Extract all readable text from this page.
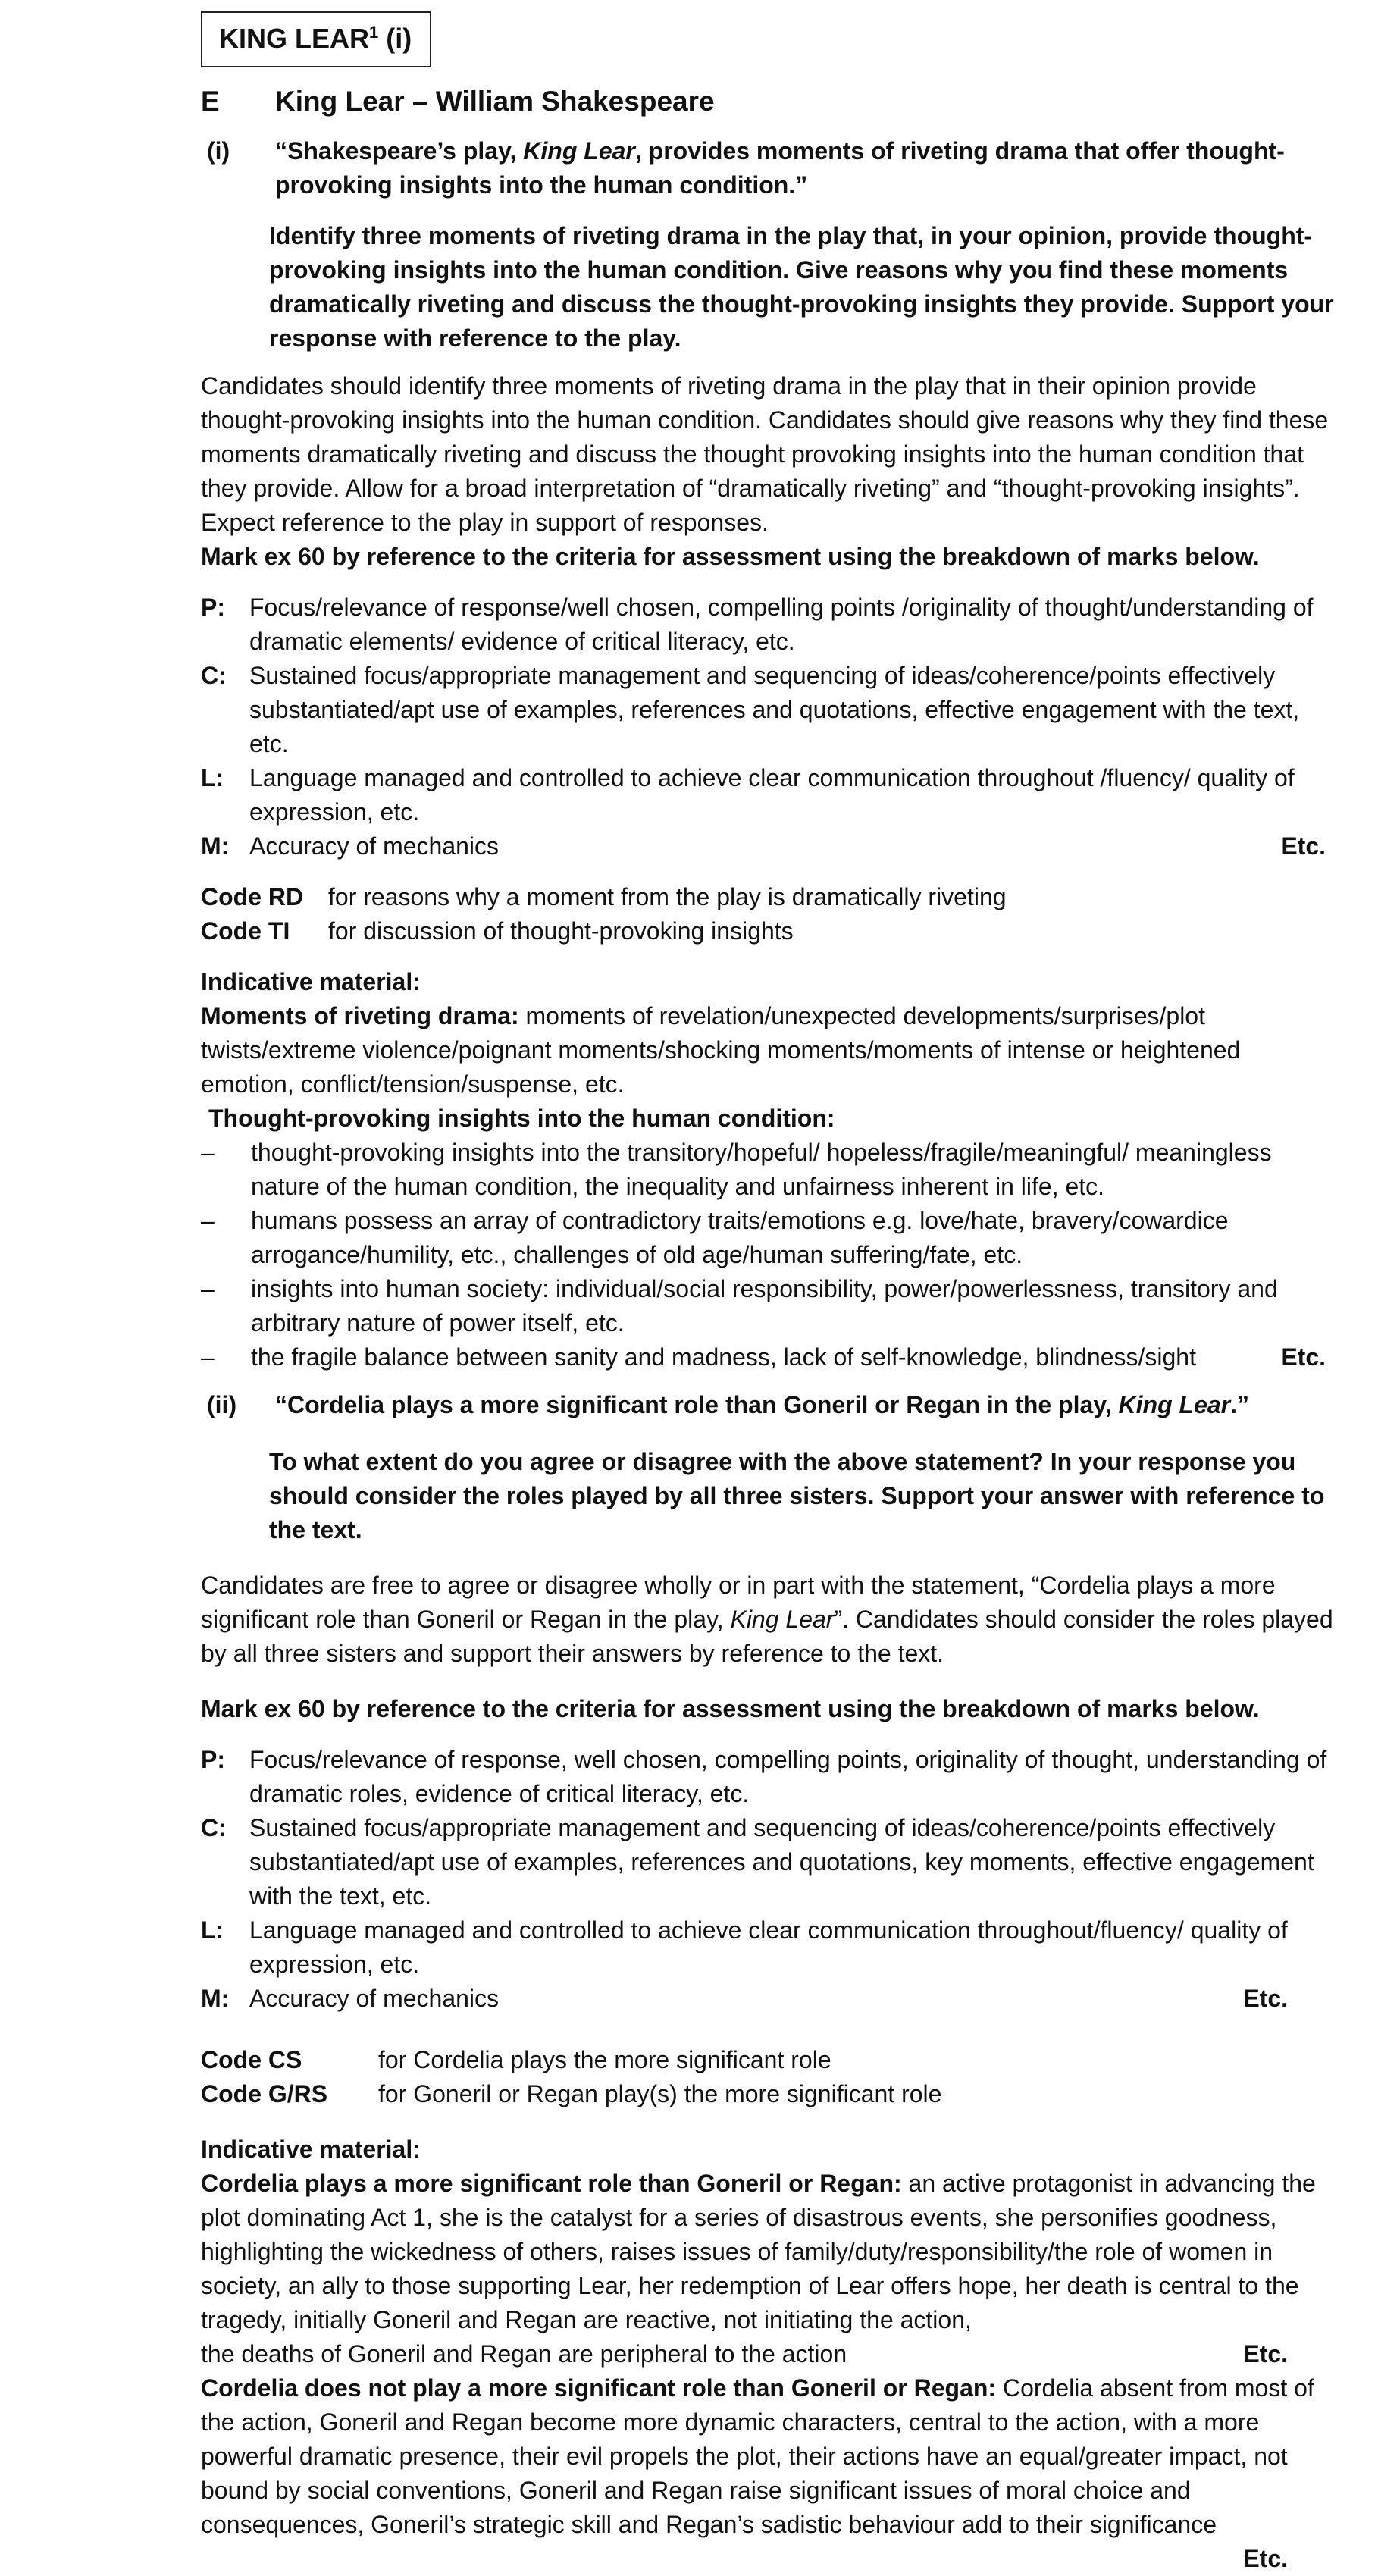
KING LEAR$^1$ (i)
E	King Lear – William Shakespeare
(i)	“Shakespeare’s play, King Lear, provides moments of riveting drama that offer thought-provoking insights into the human condition.”

Identify three moments of riveting drama in the play that, in your opinion, provide thought-provoking insights into the human condition. Give reasons why you find these moments dramatically riveting and discuss the thought-provoking insights they provide. Support your response with reference to the play.

Candidates should identify three moments of riveting drama in the play that in their opinion provide thought-provoking insights into the human condition. Candidates should give reasons why they find these moments dramatically riveting and discuss the thought provoking insights into the human condition that they provide. Allow for a broad interpretation of “dramatically riveting” and “thought-provoking insights”. Expect reference to the play in support of responses.

Mark ex 60 by reference to the criteria for assessment using the breakdown of marks below.

P:	Focus/relevance of response/well chosen, compelling points /originality of thought/understanding of dramatic elements/ evidence of critical literacy, etc.
C: Sustained focus/appropriate management and sequencing of ideas/coherence/points effectively substantiated/apt use of examples, references and quotations, effective engagement with the text, etc.
L:	Language managed and controlled to achieve clear communication throughout /fluency/ quality of expression, etc.
M: Accuracy of mechanics	Etc.
Code RD	for reasons why a moment from the play is dramatically riveting
Code TI	for discussion of thought-provoking insights

Indicative material:

Moments of riveting drama: moments of revelation/unexpected developments/surprises/plot twists/extreme violence/poignant moments/shocking moments/moments of intense or heightened emotion, conflict/tension/suspense, etc.

Thought-provoking insights into the human condition:

–	thought-provoking insights into the transitory/hopeful/ hopeless/fragile/meaningful/ meaningless nature of the human condition, the inequality and unfairness inherent in life, etc.
–	humans possess an array of contradictory traits/emotions e.g. love/hate, bravery/cowardice arrogance/humility, etc., challenges of old age/human suffering/fate, etc.
–	insights into human society: individual/social responsibility, power/powerlessness, transitory and arbitrary nature of power itself, etc.
–	the fragile balance between sanity and madness, lack of self-knowledge, blindness/sight	Etc.
(ii)	“Cordelia plays a more significant role than Goneril or Regan in the play, King Lear.”

To what extent do you agree or disagree with the above statement? In your response you should consider the roles played by all three sisters. Support your answer with reference to the text.

Candidates are free to agree or disagree wholly or in part with the statement, “Cordelia plays a more significant role than Goneril or Regan in the play, King Lear”. Candidates should consider the roles played by all three sisters and support their answers by reference to the text.

Mark ex 60 by reference to the criteria for assessment using the breakdown of marks below.

P:	Focus/relevance of response, well chosen, compelling points, originality of thought, understanding of dramatic roles, evidence of critical literacy, etc.
C: Sustained focus/appropriate management and sequencing of ideas/coherence/points effectively substantiated/apt use of examples, references and quotations, key moments, effective engagement with the text, etc.
L:	Language managed and controlled to achieve clear communication throughout/fluency/ quality of expression, etc.
M: Accuracy of mechanics	Etc.
Code CS	for Cordelia plays the more significant role
Code G/RS	for Goneril or Regan play(s) the more significant role

Indicative material:

Cordelia plays a more significant role than Goneril or Regan: an active protagonist in advancing the plot dominating Act 1, she is the catalyst for a series of disastrous events, she personifies goodness, highlighting the wickedness of others, raises issues of family/duty/responsibility/the role of women in society, an ally to those supporting Lear, her redemption of Lear offers hope, her death is central to the tragedy, initially Goneril and Regan are reactive, not initiating the action,

the deaths of Goneril and Regan are peripheral to the action	Etc.

Cordelia does not play a more significant role than Goneril or Regan: Cordelia absent from most of the action, Goneril and Regan become more dynamic characters, central to the action, with a more powerful dramatic presence, their evil propels the plot, their actions have an equal/greater impact, not bound by social conventions, Goneril and Regan raise significant issues of moral choice and consequences, Goneril’s strategic skill and Regan’s sadistic behaviour add to their significance

Etc.
